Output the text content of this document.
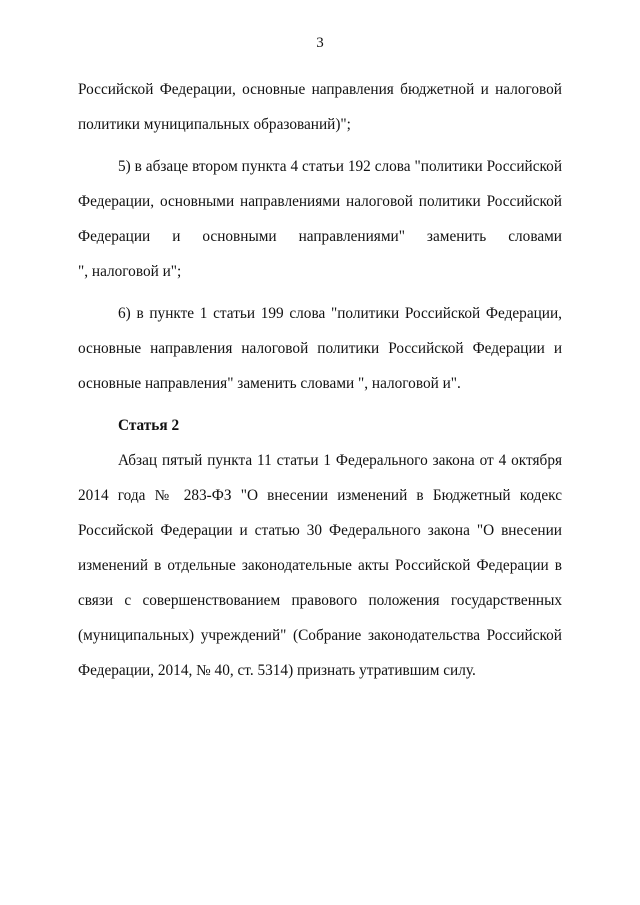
3
Российской Федерации, основные направления бюджетной и налоговой
политики муниципальных образований)";
5) в абзаце втором пункта 4 статьи 192 слова "политики Российской
Федерации, основными направлениями налоговой политики Российской
Федерации и основными направлениями" заменить словами
", налоговой и";
6) в пункте 1 статьи 199 слова "политики Российской Федерации,
основные направления налоговой политики Российской Федерации и
основные направления" заменить словами ", налоговой и".
Статья 2
Абзац пятый пункта 11 статьи 1 Федерального закона от 4 октября
2014 года № 283-ФЗ "О внесении изменений в Бюджетный кодекс
Российской Федерации и статью 30 Федерального закона "О внесении
изменений в отдельные законодательные акты Российской Федерации в
связи с совершенствованием правового положения государственных
(муниципальных) учреждений" (Собрание законодательства Российской
Федерации, 2014, № 40, ст. 5314) признать утратившим силу.
